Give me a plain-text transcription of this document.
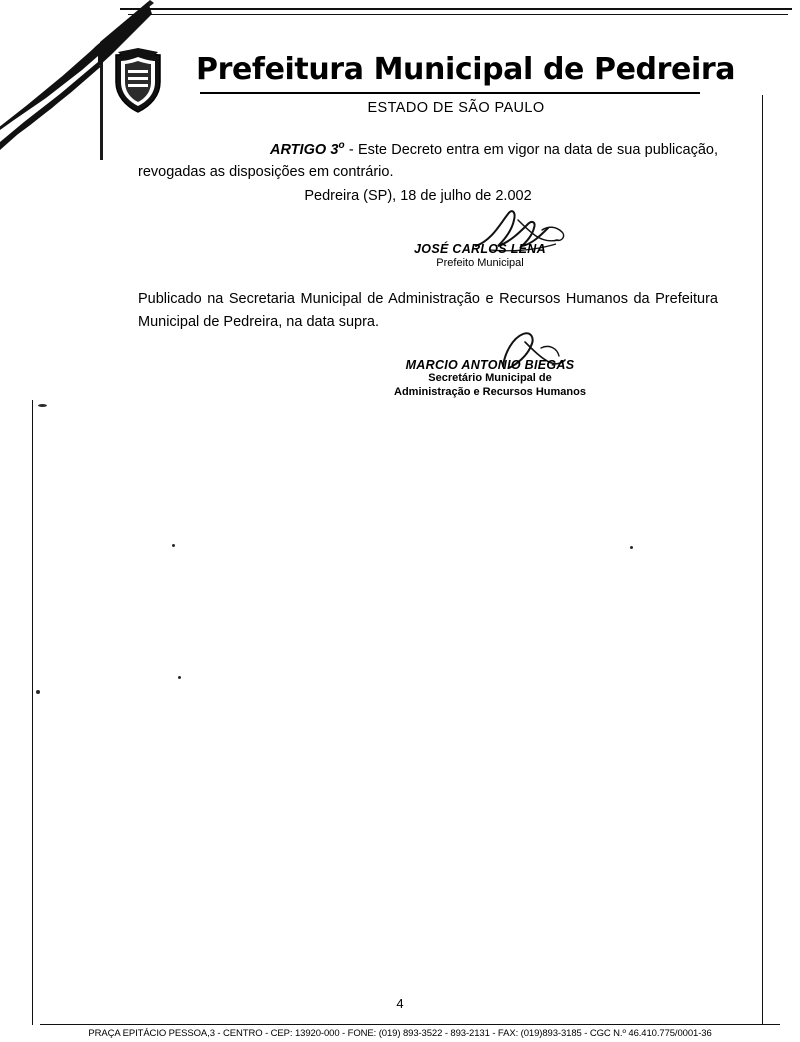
Prefeitura Municipal de Pedreira
ESTADO DE SÃO PAULO
ARTIGO 3$^o$ - Este Decreto entra em vigor na data de sua publicação, revogadas as disposições em contrário.
Pedreira (SP), 18 de julho de 2.002
JOSÉ CARLOS LENA
Prefeito Municipal
Publicado na Secretaria Municipal de Administração e Recursos Humanos da Prefeitura Municipal de Pedreira, na data supra.
MARCIO ANTONIO BIEGAS
Secretário Municipal de
Administração e Recursos Humanos
4
PRAÇA EPITÁCIO PESSOA,3 - CENTRO - CEP: 13920-000 - FONE: (019) 893-3522 - 893-2131 - FAX: (019)893-3185 - CGC N.º 46.410.775/0001-36
